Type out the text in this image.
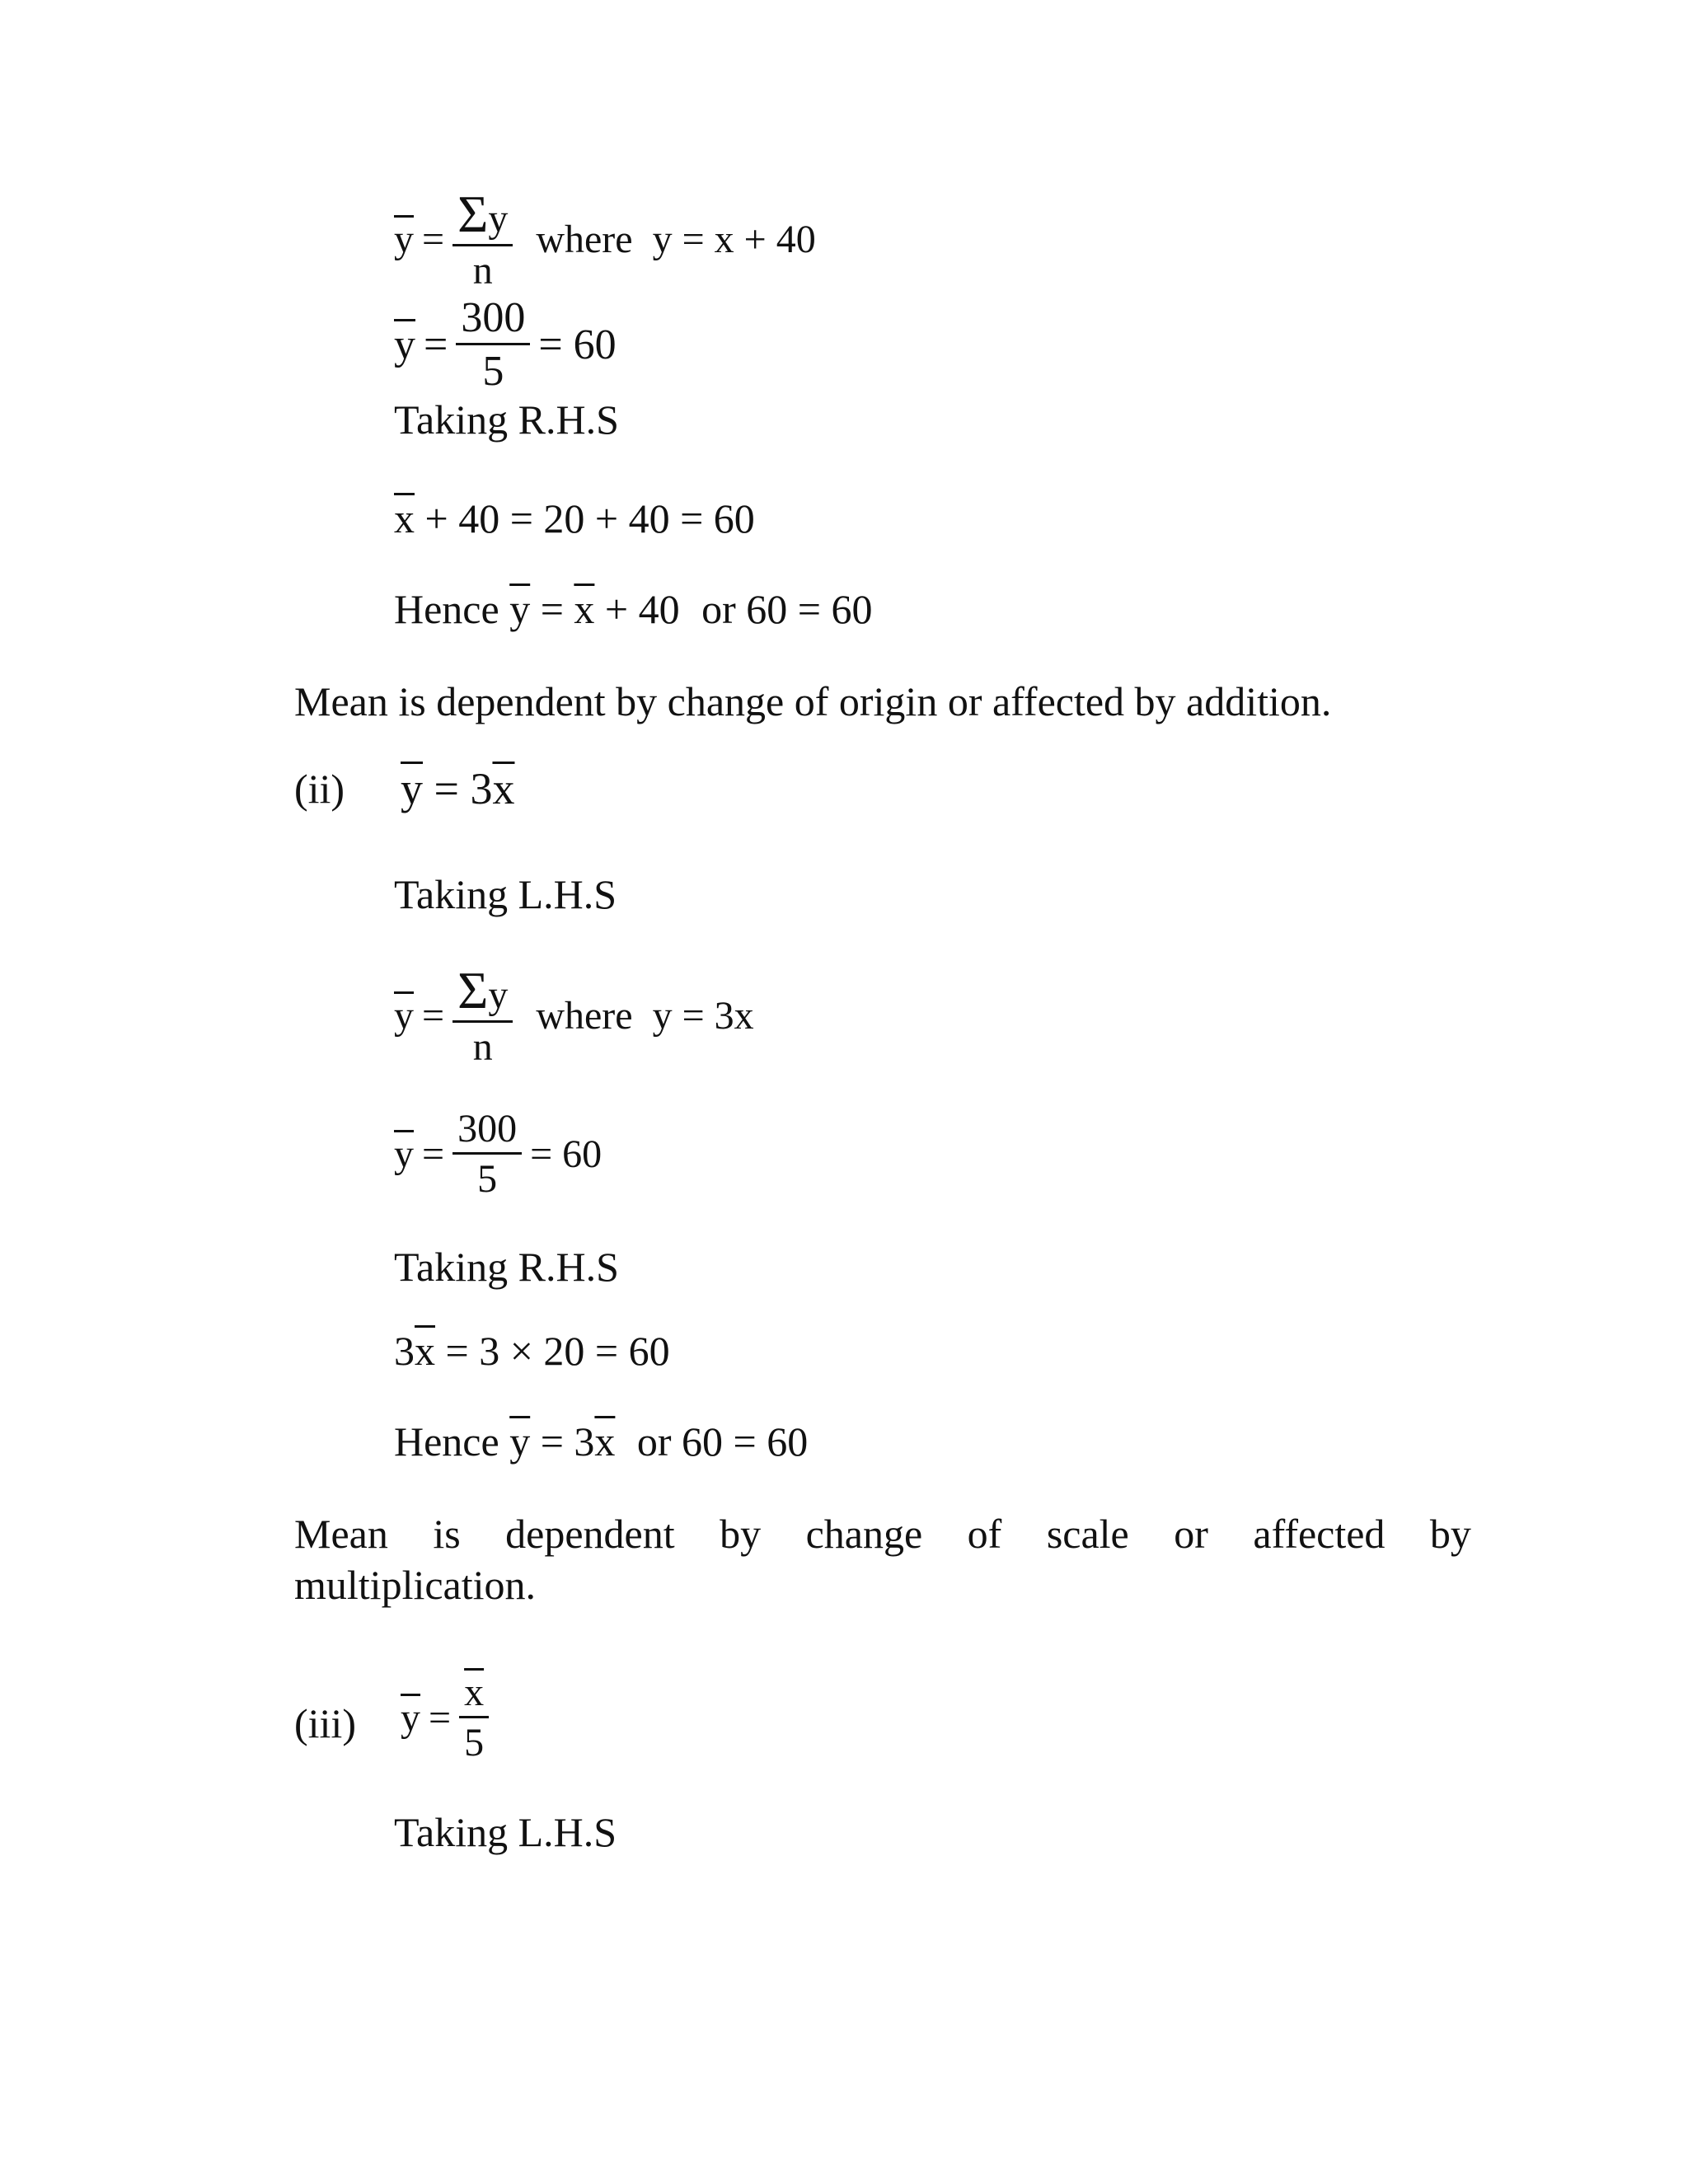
$\overline{y} = \frac{\Sigma y}{n}$ where y = x + 40
$\overline{y} = \frac{300}{5} = 60$
Taking R.H.S
$\overline{x} + 40 = 20 + 40 = 60$
Hence $\overline{y} = \overline{x} + 40$ or 60 = 60
Mean is dependent by change of origin or affected by addition.
(ii) $\overline{y} = 3\overline{x}$
Taking L.H.S
$\overline{y} = \frac{\Sigma y}{n}$ where y = 3x
$\overline{y} = \frac{300}{5} = 60$
Taking R.H.S
$3\overline{x} = 3 \times 20 = 60$
Hence $\overline{y} = 3\overline{x}$ or 60 = 60
Mean is dependent by change of scale or affected by
multiplication.
(iii) $\overline{y} = \frac{\overline{x}}{5}$
Taking L.H.S
